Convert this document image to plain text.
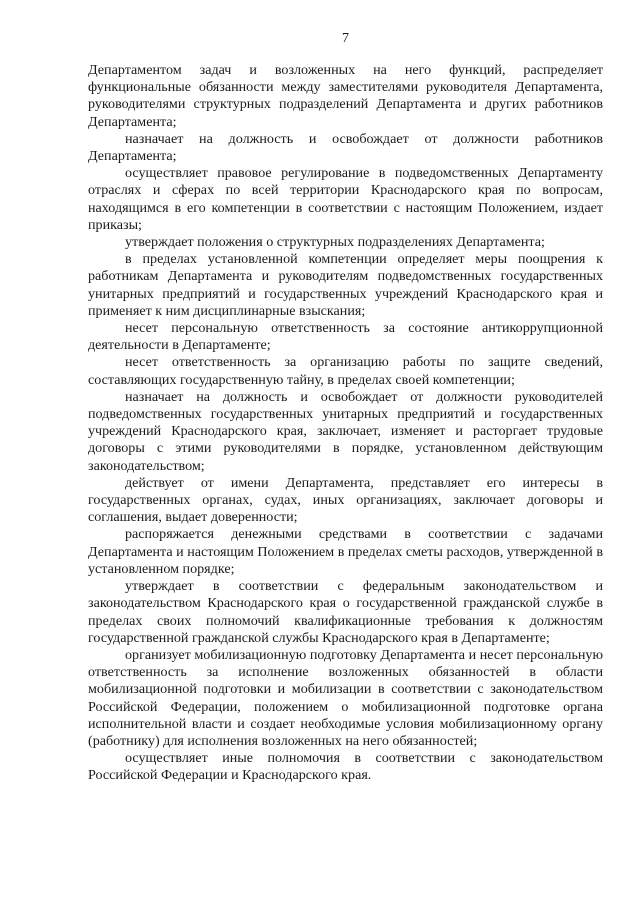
7

Департаментом задач и возложенных на него функций, распределяет функциональные обязанности между заместителями руководителя Департамента, руководителями структурных подразделений Департамента и других работников Департамента;

назначает на должность и освобождает от должности работников Департамента;

осуществляет правовое регулирование в подведомственных Департаменту отраслях и сферах по всей территории Краснодарского края по вопросам, находящимся в его компетенции в соответствии с настоящим Положением, издает приказы;

утверждает положения о структурных подразделениях Департамента;

в пределах установленной компетенции определяет меры поощрения к работникам Департамента и руководителям подведомственных государственных унитарных предприятий и государственных учреждений Краснодарского края и применяет к ним дисциплинарные взыскания;

несет персональную ответственность за состояние антикоррупционной деятельности в Департаменте;

несет ответственность за организацию работы по защите сведений, составляющих государственную тайну, в пределах своей компетенции;

назначает на должность и освобождает от должности руководителей подведомственных государственных унитарных предприятий и государственных учреждений Краснодарского края, заключает, изменяет и расторгает трудовые договоры с этими руководителями в порядке, установленном действующим законодательством;

действует от имени Департамента, представляет его интересы в государственных органах, судах, иных организациях, заключает договоры и соглашения, выдает доверенности;

распоряжается денежными средствами в соответствии с задачами Департамента и настоящим Положением в пределах сметы расходов, утвержденной в установленном порядке;

утверждает в соответствии с федеральным законодательством и законодательством Краснодарского края о государственной гражданской службе в пределах своих полномочий квалификационные требования к должностям государственной гражданской службы Краснодарского края в Департаменте;

организует мобилизационную подготовку Департамента и несет персональную ответственность за исполнение возложенных обязанностей в области мобилизационной подготовки и мобилизации в соответствии с законодательством Российской Федерации, положением о мобилизационной подготовке органа исполнительной власти и создает необходимые условия мобилизационному органу (работнику) для исполнения возложенных на него обязанностей;

осуществляет иные полномочия в соответствии с законодательством Российской Федерации и Краснодарского края.
